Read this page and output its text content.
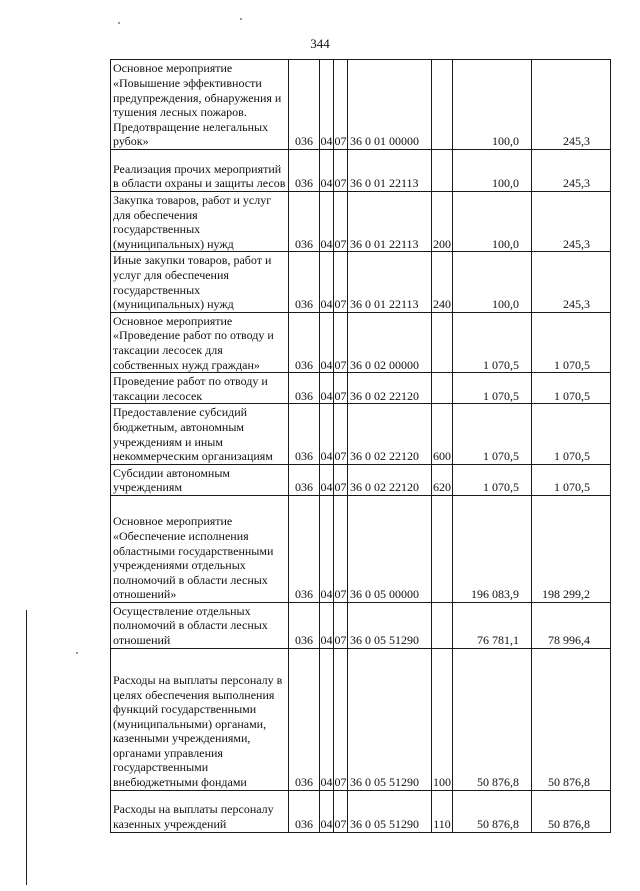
344
Основное мероприятие «Повышение эффективности предупреждения, обнаружения и тушения лесных пожаров. Предотвращение нелегальных рубок»	036	04	07	36 0 01 00000		100,0	245,3
Реализация прочих мероприятий в области охраны и защиты лесов	036	04	07	36 0 01 22113		100,0	245,3
Закупка товаров, работ и услуг для обеспечения государственных (муниципальных) нужд	036	04	07	36 0 01 22113	200	100,0	245,3
Иные закупки товаров, работ и услуг для обеспечения государственных (муниципальных) нужд	036	04	07	36 0 01 22113	240	100,0	245,3
Основное мероприятие «Проведение работ по отводу и таксации лесосек для собственных нужд граждан»	036	04	07	36 0 02 00000		1 070,5	1 070,5
Проведение работ по отводу и таксации лесосек	036	04	07	36 0 02 22120		1 070,5	1 070,5
Предоставление субсидий бюджетным, автономным учреждениям и иным некоммерческим организациям	036	04	07	36 0 02 22120	600	1 070,5	1 070,5
Субсидии автономным учреждениям	036	04	07	36 0 02 22120	620	1 070,5	1 070,5
Основное мероприятие «Обеспечение исполнения областными государственными учреждениями отдельных полномочий в области лесных отношений»	036	04	07	36 0 05 00000		196 083,9	198 299,2
Осуществление отдельных полномочий в области лесных отношений	036	04	07	36 0 05 51290		76 781,1	78 996,4
Расходы на выплаты персоналу в целях обеспечения выполнения функций государственными (муниципальными) органами, казенными учреждениями, органами управления государственными внебюджетными фондами	036	04	07	36 0 05 51290	100	50 876,8	50 876,8
Расходы на выплаты персоналу казенных учреждений	036	04	07	36 0 05 51290	110	50 876,8	50 876,8
